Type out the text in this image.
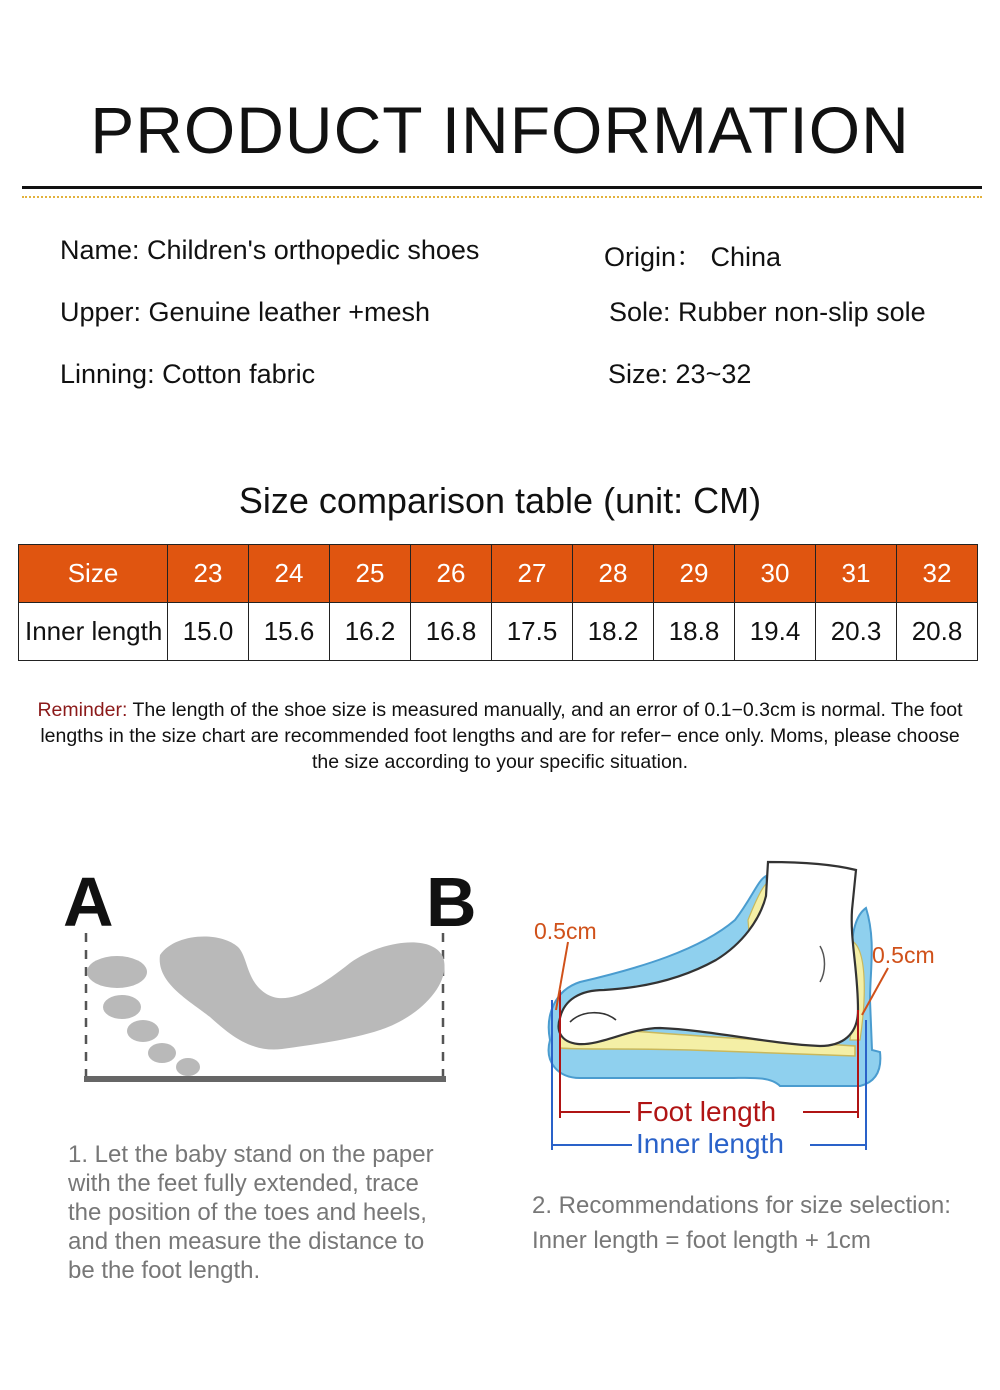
PRODUCT INFORMATION
Name: Children's orthopedic shoes	Origin： China
Upper: Genuine leather +mesh	Sole: Rubber non-slip sole
Linning: Cotton fabric	Size: 23~32
Size comparison table (unit: CM)
Size	23	24	25	26	27	28	29	30	31	32
Inner length	15.0	15.6	16.2	16.8	17.5	18.2	18.8	19.4	20.3	20.8
Reminder: The length of the shoe size is measured manually, and an error of 0.1−0.3cm is normal. The foot lengths in the size chart are recommended foot lengths and are for refer− ence only. Moms, please choose the size according to your specific situation.
A	B
1. Let the baby stand on the paper
with the feet fully extended, trace
the position of the toes and heels,
and then measure the distance to
be the foot length.
0.5cm
0.5cm
Foot length
Inner length
2. Recommendations for size selection:
Inner length = foot length + 1cm
